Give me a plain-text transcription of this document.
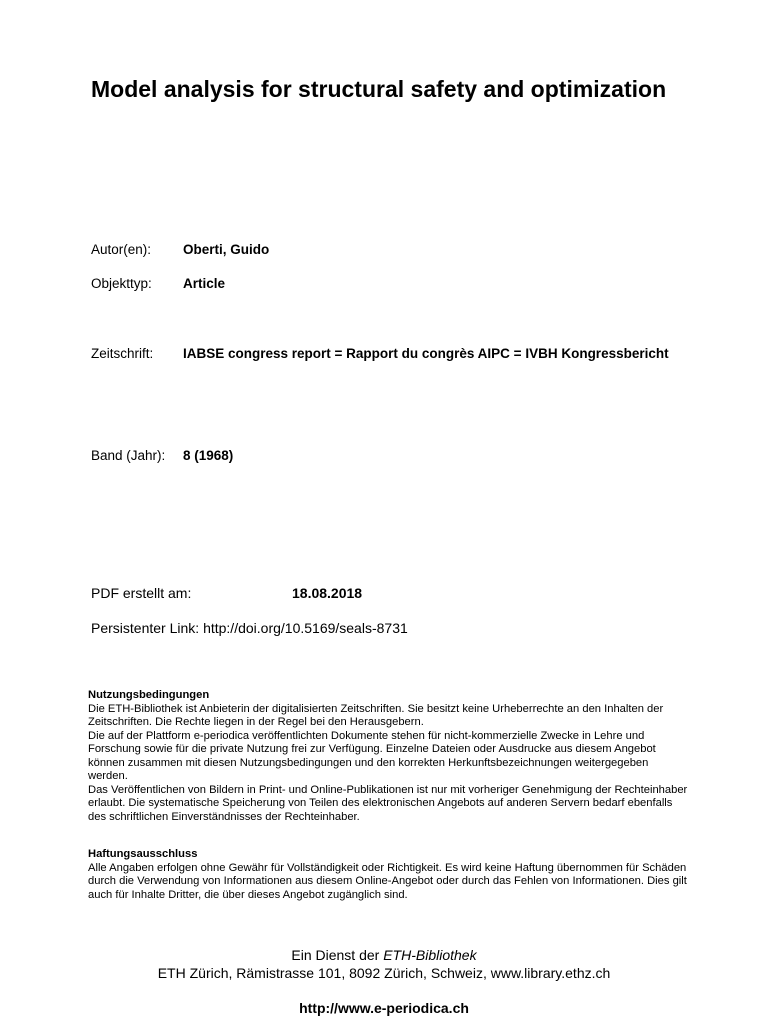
Model analysis for structural safety and optimization
Autor(en): Oberti, Guido
Objekttyp: Article
Zeitschrift: IABSE congress report = Rapport du congrès AIPC = IVBH Kongressbericht
Band (Jahr): 8 (1968)
PDF erstellt am:	18.08.2018
Persistenter Link: http://doi.org/10.5169/seals-8731
Nutzungsbedingungen

Die ETH-Bibliothek ist Anbieterin der digitalisierten Zeitschriften. Sie besitzt keine Urheberrechte an den Inhalten der Zeitschriften. Die Rechte liegen in der Regel bei den Herausgebern.

Die auf der Plattform e-periodica veröffentlichten Dokumente stehen für nicht-kommerzielle Zwecke in Lehre und Forschung sowie für die private Nutzung frei zur Verfügung. Einzelne Dateien oder Ausdrucke aus diesem Angebot können zusammen mit diesen Nutzungsbedingungen und den korrekten Herkunftsbezeichnungen weitergegeben werden.

Das Veröffentlichen von Bildern in Print- und Online-Publikationen ist nur mit vorheriger Genehmigung der Rechteinhaber erlaubt. Die systematische Speicherung von Teilen des elektronischen Angebots auf anderen Servern bedarf ebenfalls des schriftlichen Einverständnisses der Rechteinhaber.

Haftungsausschluss

Alle Angaben erfolgen ohne Gewähr für Vollständigkeit oder Richtigkeit. Es wird keine Haftung übernommen für Schäden durch die Verwendung von Informationen aus diesem Online-Angebot oder durch das Fehlen von Informationen. Dies gilt auch für Inhalte Dritter, die über dieses Angebot zugänglich sind.

Ein Dienst der ETH-Bibliothek
ETH Zürich, Rämistrasse 101, 8092 Zürich, Schweiz, www.library.ethz.ch
http://www.e-periodica.ch
